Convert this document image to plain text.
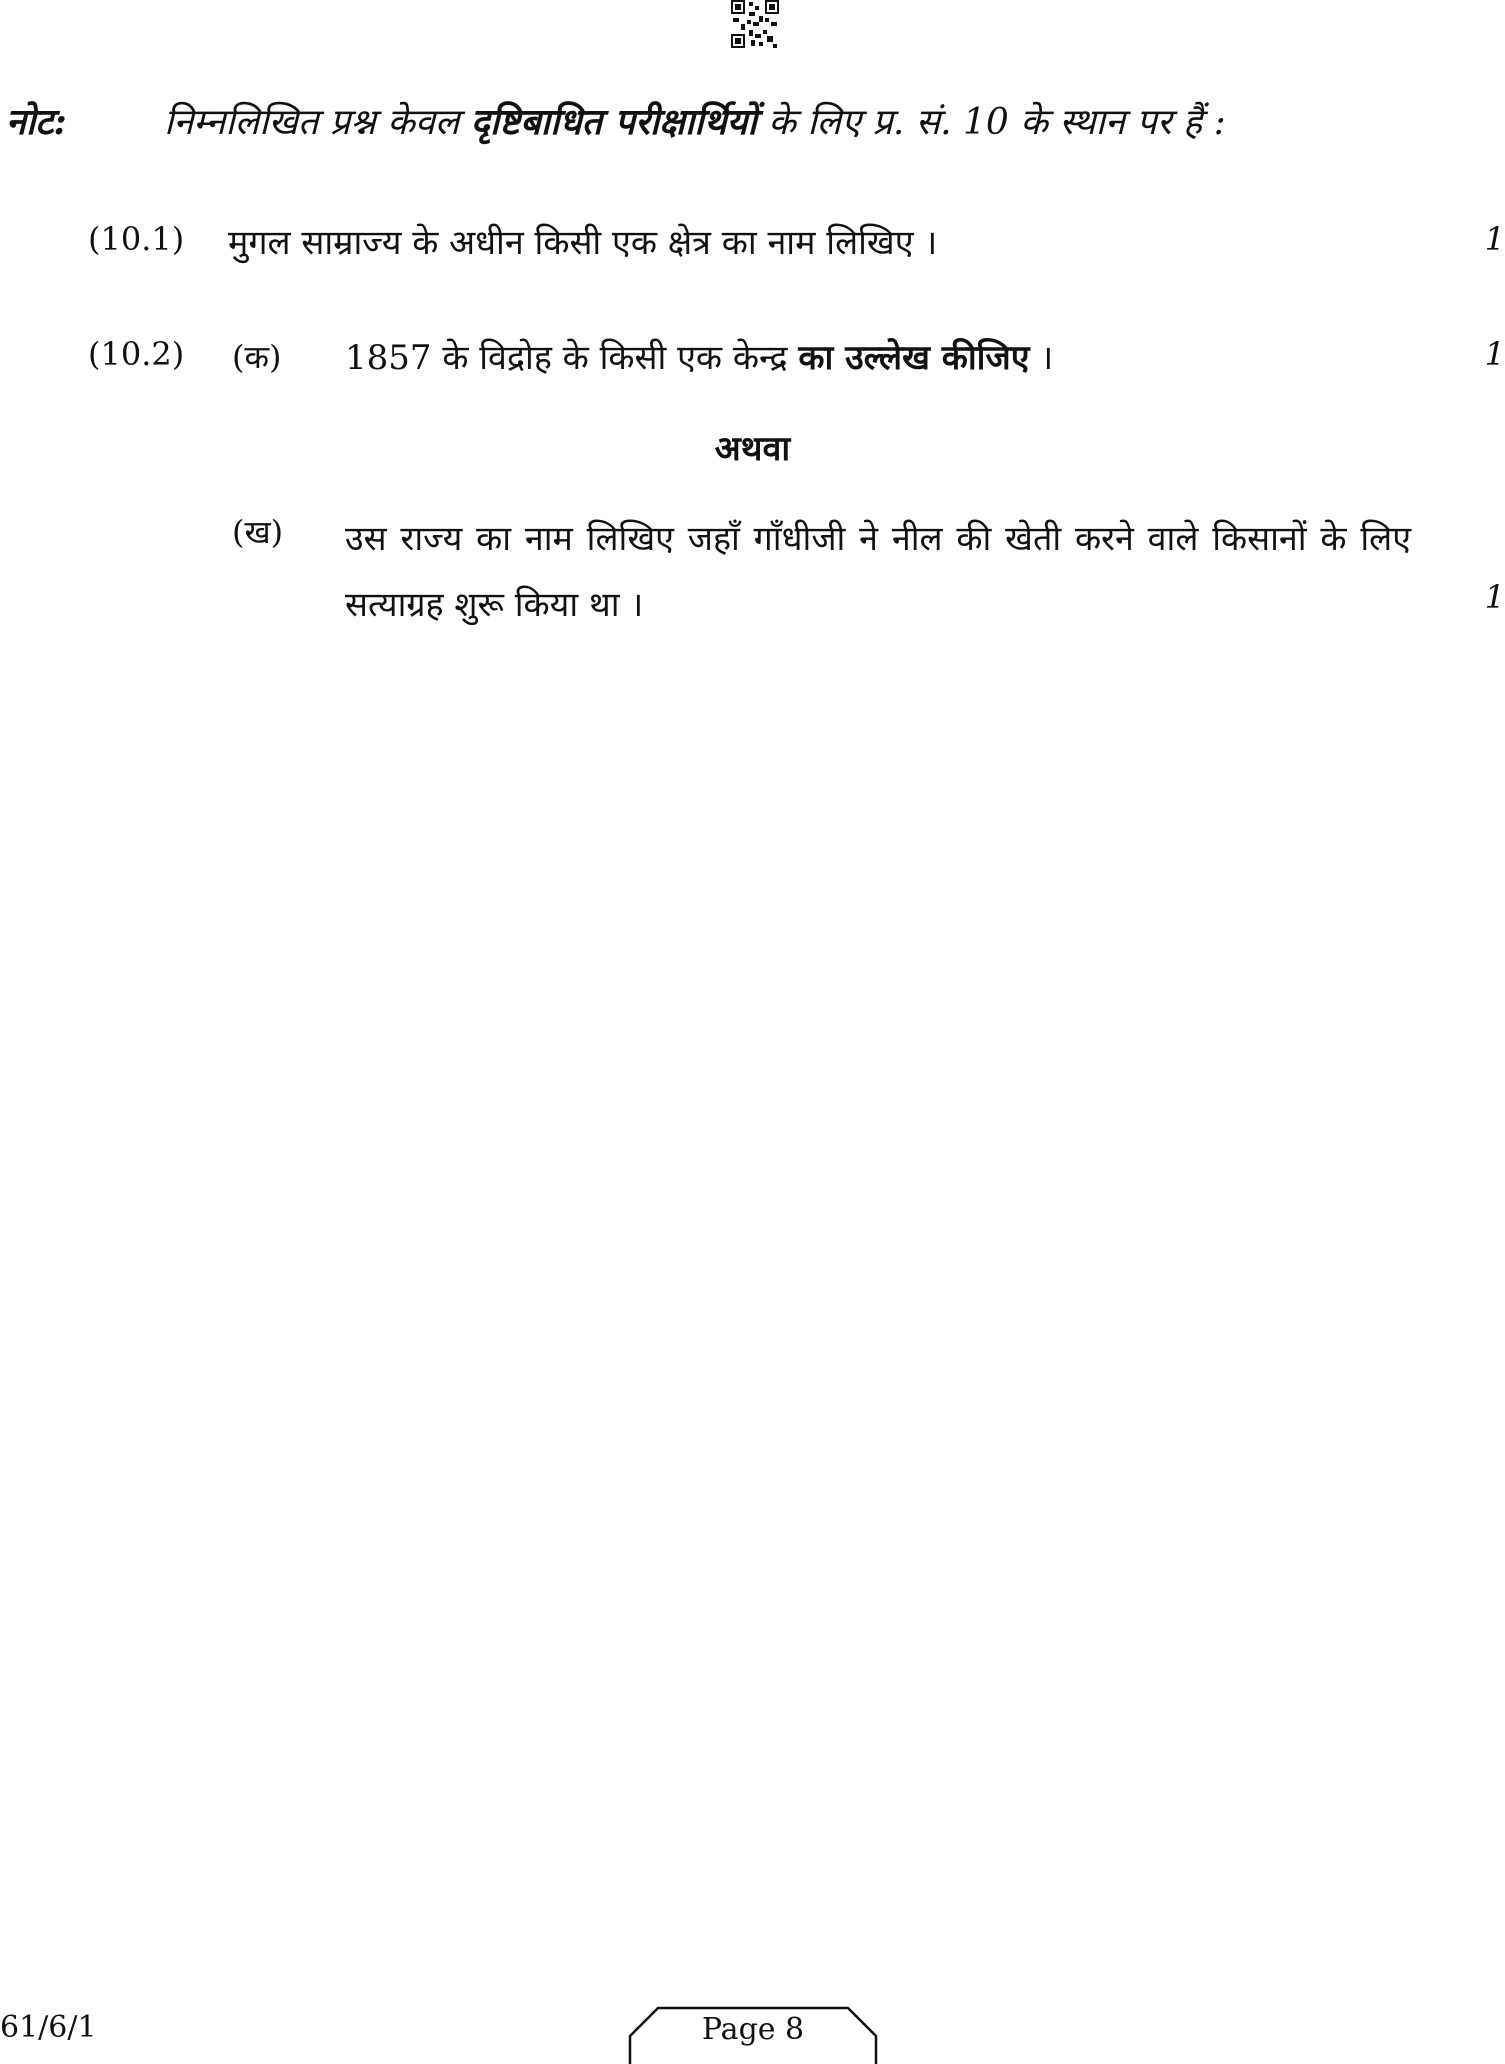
नोट:	निम्नलिखित प्रश्न केवल दृष्टिबाधित परीक्षार्थियों के लिए प्र. सं. 10 के स्थान पर हैं :
(10.1) मुगल साम्राज्य के अधीन किसी एक क्षेत्र का नाम लिखिए ।	1
(10.2) (क) 1857 के विद्रोह के किसी एक केन्द्र का उल्लेख कीजिए ।	1
अथवा
(ख) उस राज्य का नाम लिखिए जहाँ गाँधीजी ने नील की खेती करने वाले किसानों के लिए सत्याग्रह शुरू किया था ।	1
61/6/1	Page 8
